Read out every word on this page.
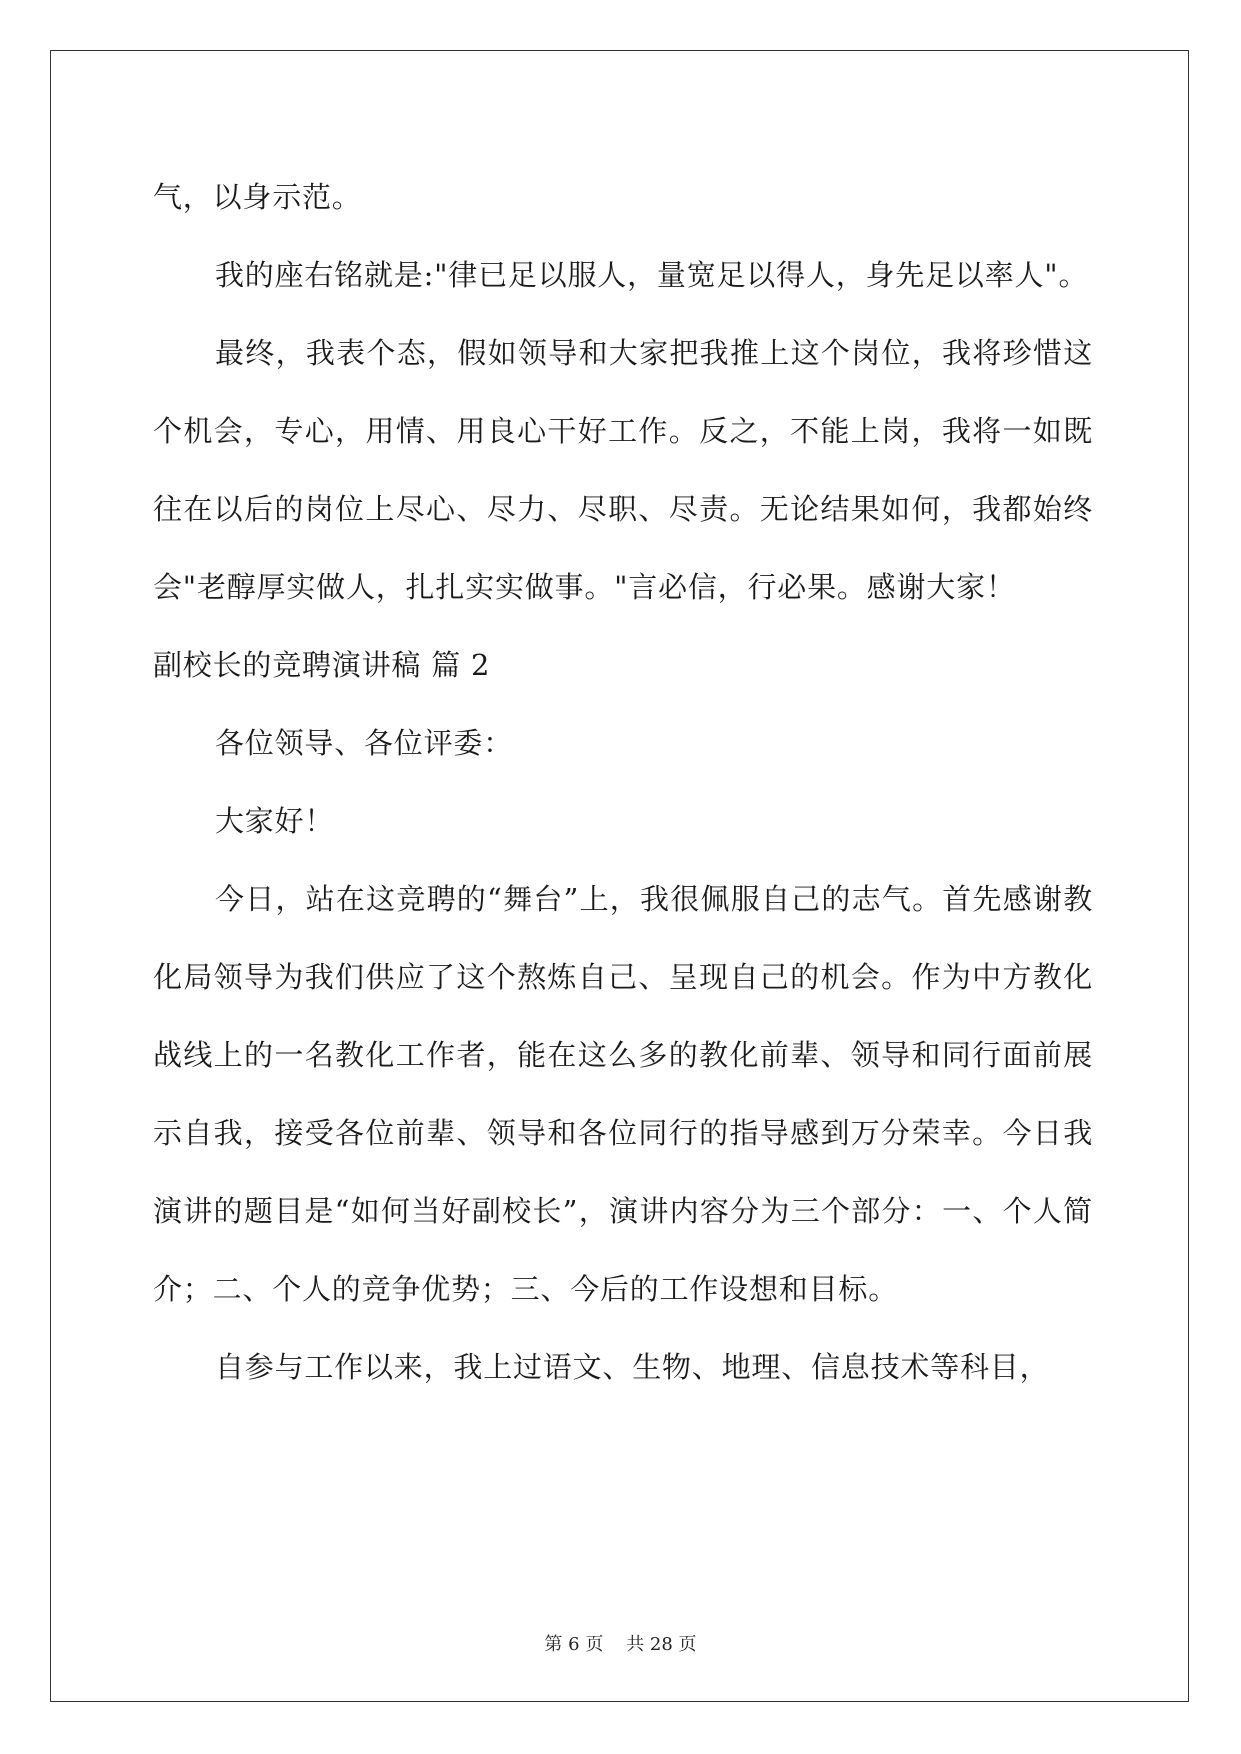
气，以身示范。

我的座右铭就是:"律已足以服人，量宽足以得人，身先足以率人"。

最终，我表个态，假如领导和大家把我推上这个岗位，我将珍惜这个机会，专心，用情、用良心干好工作。反之，不能上岗，我将一如既往在以后的岗位上尽心、尽力、尽职、尽责。无论结果如何，我都始终会"老醇厚实做人，扎扎实实做事。"言必信，行必果。感谢大家！

副校长的竞聘演讲稿 篇 2

各位领导、各位评委：

大家好！

今日，站在这竞聘的“舞台”上，我很佩服自己的志气。首先感谢教化局领导为我们供应了这个熬炼自己、呈现自己的机会。作为中方教化战线上的一名教化工作者，能在这么多的教化前辈、领导和同行面前展示自我，接受各位前辈、领导和各位同行的指导感到万分荣幸。今日我演讲的题目是“如何当好副校长”，演讲内容分为三个部分：一、个人简介；二、个人的竞争优势；三、今后的工作设想和目标。

自参与工作以来，我上过语文、生物、地理、信息技术等科目，

第 6 页    共 28 页
